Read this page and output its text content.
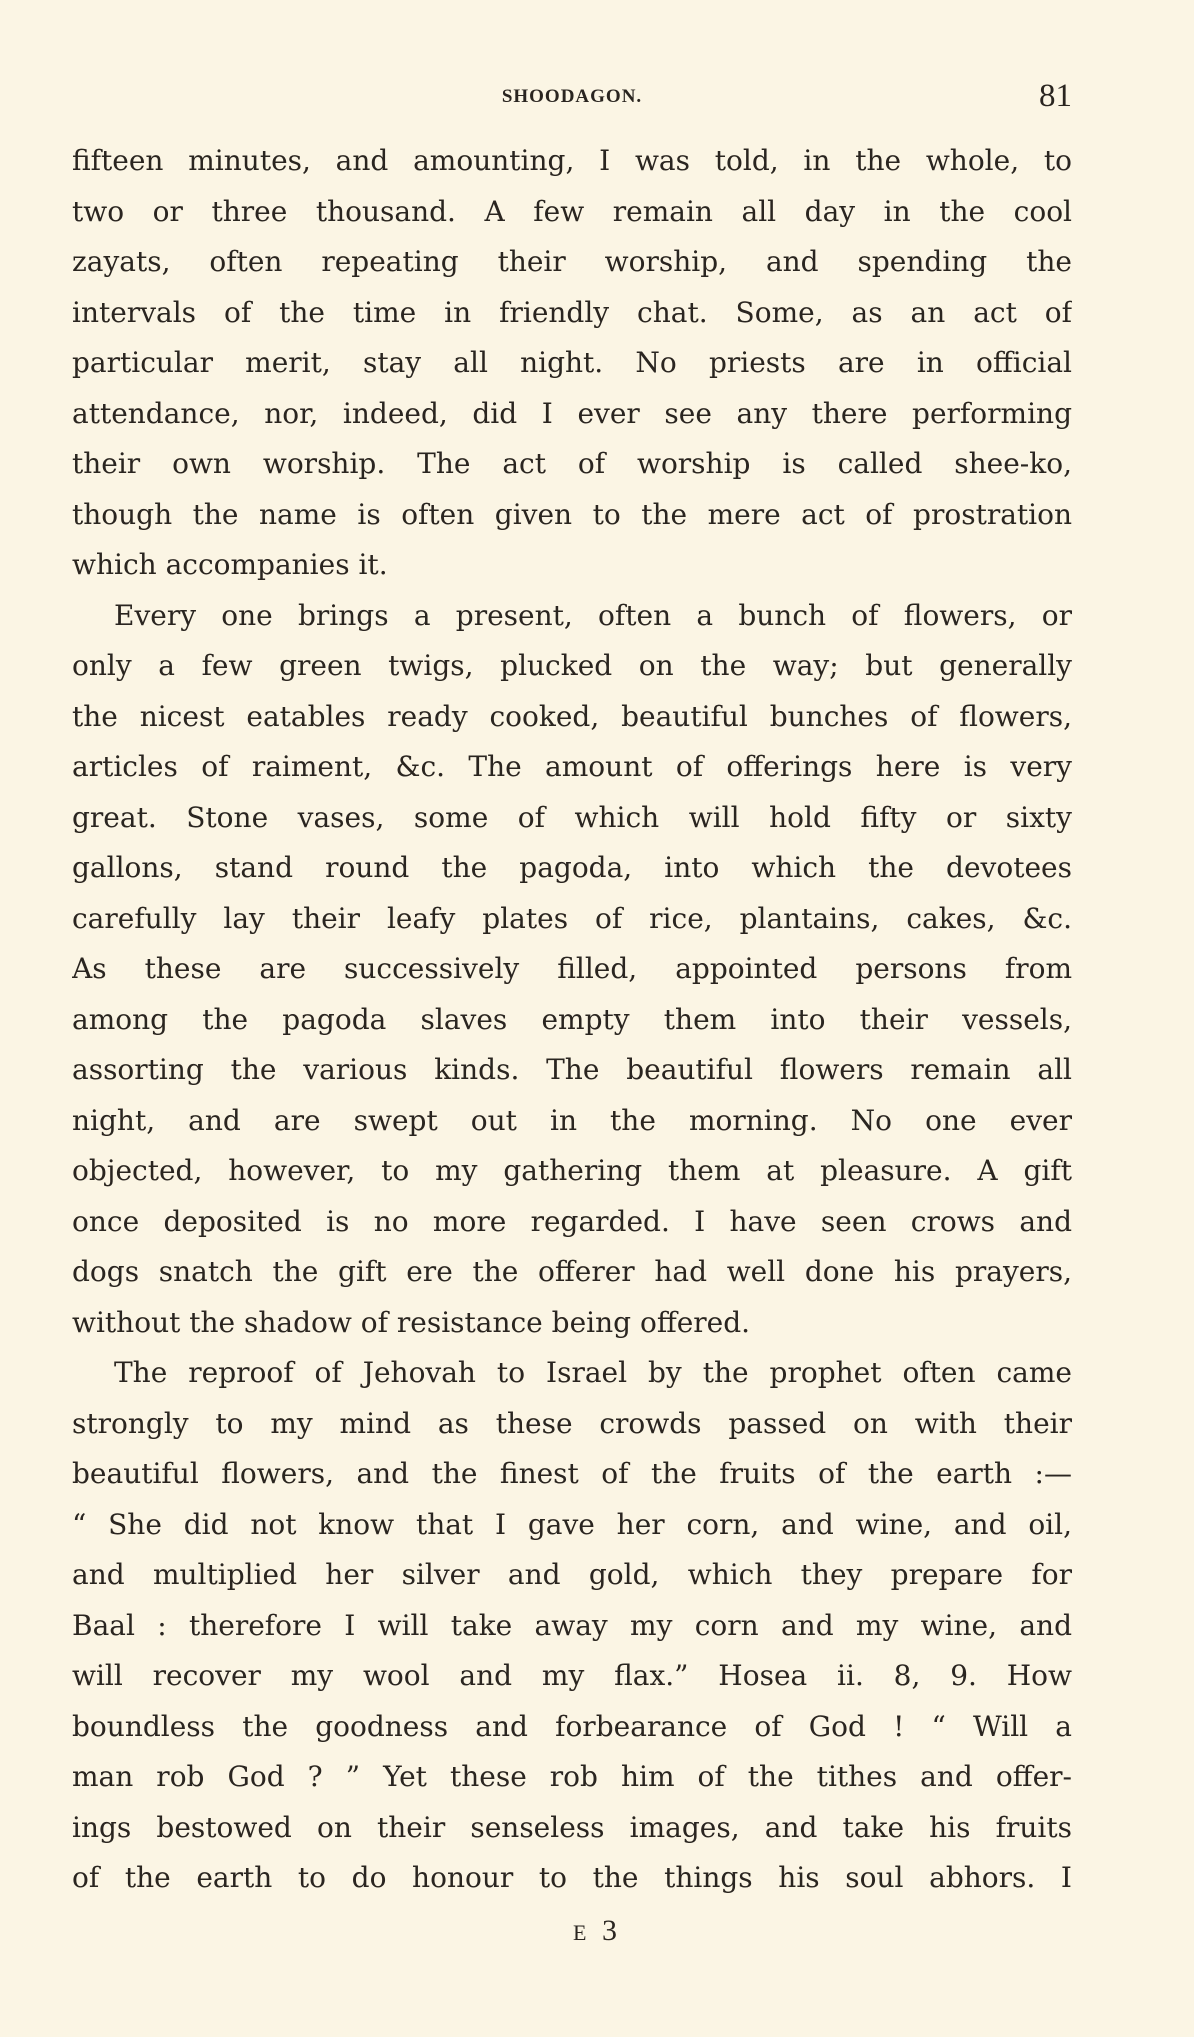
SHOODAGON.	81
fifteen minutes, and amounting, I was told, in the whole, to
two or three thousand. A few remain all day in the cool
zayats, often repeating their worship, and spending the
intervals of the time in friendly chat. Some, as an act of
particular merit, stay all night. No priests are in official
attendance, nor, indeed, did I ever see any there performing
their own worship. The act of worship is called shee-ko,
though the name is often given to the mere act of prostration
which accompanies it.
Every one brings a present, often a bunch of flowers, or
only a few green twigs, plucked on the way; but generally
the nicest eatables ready cooked, beautiful bunches of flowers,
articles of raiment, &c. The amount of offerings here is very
great. Stone vases, some of which will hold fifty or sixty
gallons, stand round the pagoda, into which the devotees
carefully lay their leafy plates of rice, plantains, cakes, &c.
As these are successively filled, appointed persons from
among the pagoda slaves empty them into their vessels,
assorting the various kinds. The beautiful flowers remain all
night, and are swept out in the morning. No one ever
objected, however, to my gathering them at pleasure. A gift
once deposited is no more regarded. I have seen crows and
dogs snatch the gift ere the offerer had well done his prayers,
without the shadow of resistance being offered.
The reproof of Jehovah to Israel by the prophet often came
strongly to my mind as these crowds passed on with their
beautiful flowers, and the finest of the fruits of the earth :—
“ She did not know that I gave her corn, and wine, and oil,
and multiplied her silver and gold, which they prepare for
Baal : therefore I will take away my corn and my wine, and
will recover my wool and my flax.” Hosea ii. 8, 9. How
boundless the goodness and forbearance of God ! “ Will a
man rob God ? ” Yet these rob him of the tithes and offer-
ings bestowed on their senseless images, and take his fruits
of the earth to do honour to the things his soul abhors. I
E 3
